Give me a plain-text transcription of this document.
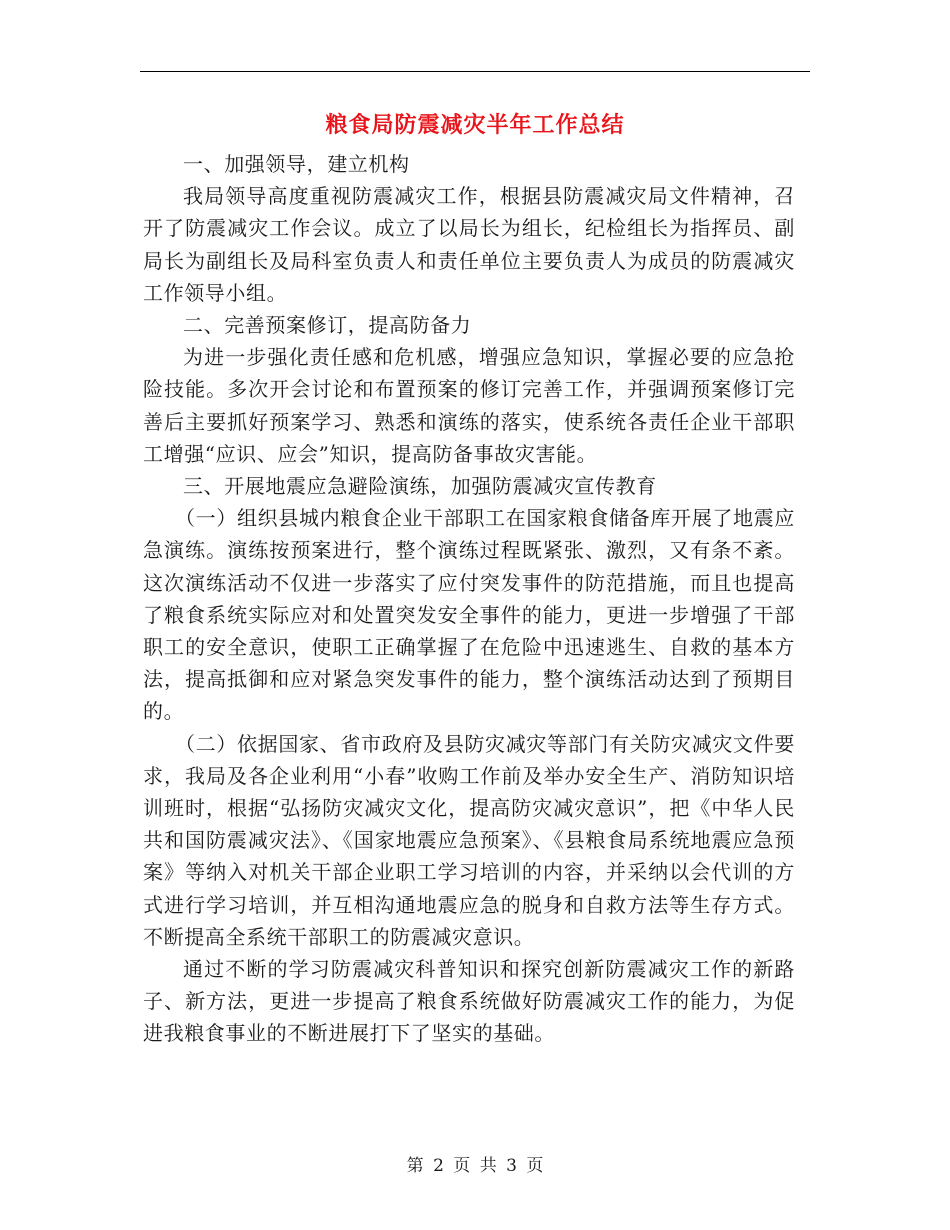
粮食局防震减灾半年工作总结

一、加强领导，建立机构

我局领导高度重视防震减灾工作，根据县防震减灾局文件精神，召开了防震减灾工作会议。成立了以局长为组长，纪检组长为指挥员、副局长为副组长及局科室负责人和责任单位主要负责人为成员的防震减灾工作领导小组。

二、完善预案修订，提高防备力

为进一步强化责任感和危机感，增强应急知识，掌握必要的应急抢险技能。多次开会讨论和布置预案的修订完善工作，并强调预案修订完善后主要抓好预案学习、熟悉和演练的落实，使系统各责任企业干部职工增强“应识、应会”知识，提高防备事故灾害能。

三、开展地震应急避险演练，加强防震减灾宣传教育

（一）组织县城内粮食企业干部职工在国家粮食储备库开展了地震应急演练。演练按预案进行，整个演练过程既紧张、激烈，又有条不紊。这次演练活动不仅进一步落实了应付突发事件的防范措施，而且也提高了粮食系统实际应对和处置突发安全事件的能力，更进一步增强了干部职工的安全意识，使职工正确掌握了在危险中迅速逃生、自救的基本方法，提高抵御和应对紧急突发事件的能力，整个演练活动达到了预期目的。

（二）依据国家、省市政府及县防灾减灾等部门有关防灾减灾文件要求，我局及各企业利用“小春”收购工作前及举办安全生产、消防知识培训班时，根据“弘扬防灾减灾文化，提高防灾减灾意识”，把《中华人民共和国防震减灾法》、《国家地震应急预案》、《县粮食局系统地震应急预案》等纳入对机关干部企业职工学习培训的内容，并采纳以会代训的方式进行学习培训，并互相沟通地震应急的脱身和自救方法等生存方式。不断提高全系统干部职工的防震减灾意识。

通过不断的学习防震减灾科普知识和探究创新防震减灾工作的新路子、新方法，更进一步提高了粮食系统做好防震减灾工作的能力，为促进我粮食事业的不断进展打下了坚实的基础。

第 2 页 共 3 页
